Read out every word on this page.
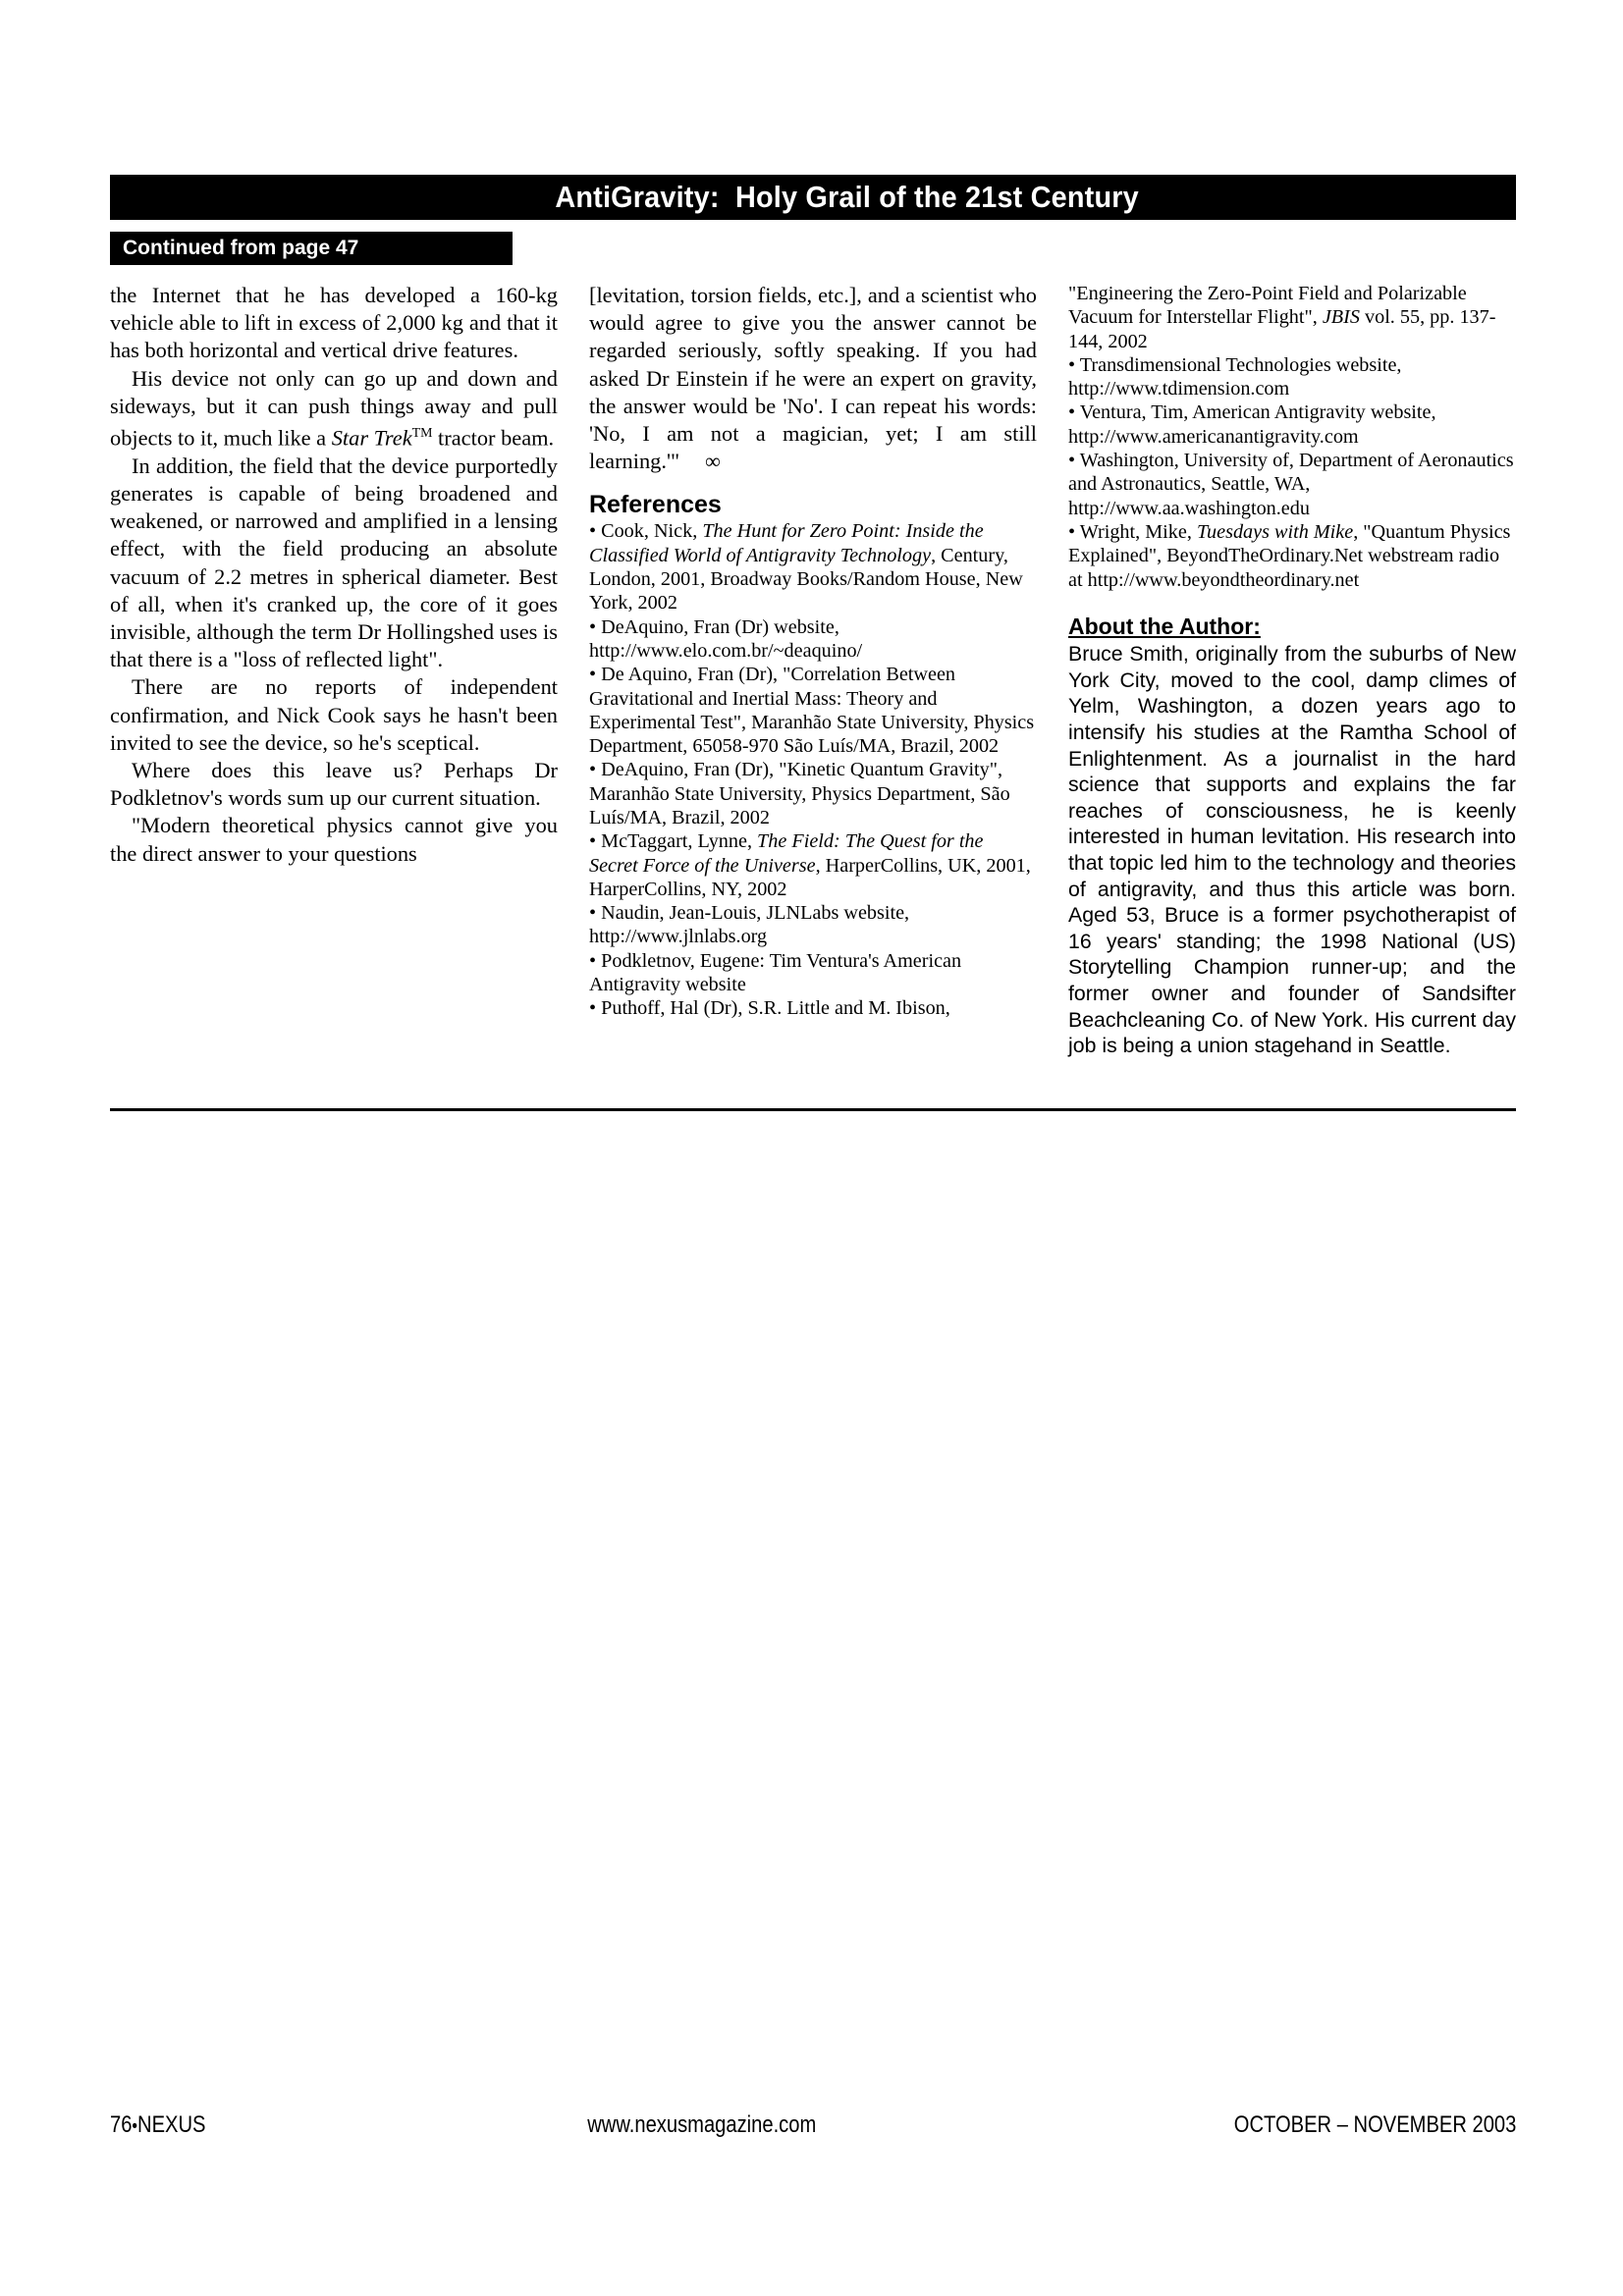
AntiGravity:  Holy Grail of the 21st Century
Continued from page 47

the Internet that he has developed a 160-kg vehicle able to lift in excess of 2,000 kg and that it has both horizontal and vertical drive features.

His device not only can go up and down and sideways, but it can push things away and pull objects to it, much like a Star Trek™ tractor beam.

In addition, the field that the device purportedly generates is capable of being broadened and weakened, or narrowed and amplified in a lensing effect, with the field producing an absolute vacuum of 2.2 metres in spherical diameter. Best of all, when it's cranked up, the core of it goes invisible, although the term Dr Hollingshed uses is that there is a "loss of reflected light".

There are no reports of independent confirmation, and Nick Cook says he hasn't been invited to see the device, so he's sceptical.

Where does this leave us? Perhaps Dr Podkletnov's words sum up our current situation.

"Modern theoretical physics cannot give you the direct answer to your questions

[levitation, torsion fields, etc.], and a scientist who would agree to give you the answer cannot be regarded seriously, softly speaking. If you had asked Dr Einstein if he were an expert on gravity, the answer would be 'No'. I can repeat his words: 'No, I am not a magician, yet; I am still learning.'" ∞

References
• Cook, Nick, The Hunt for Zero Point: Inside the Classified World of Antigravity Technology, Century, London, 2001, Broadway Books/Random House, New York, 2002
• DeAquino, Fran (Dr) website, http://www.elo.com.br/~deaquino/
• De Aquino, Fran (Dr), "Correlation Between Gravitational and Inertial Mass: Theory and Experimental Test", Maranhão State University, Physics Department, 65058-970 São Luís/MA, Brazil, 2002
• DeAquino, Fran (Dr), "Kinetic Quantum Gravity", Maranhão State University, Physics Department, São Luís/MA, Brazil, 2002
• McTaggart, Lynne, The Field: The Quest for the Secret Force of the Universe, HarperCollins, UK, 2001, HarperCollins, NY, 2002
• Naudin, Jean-Louis, JLNLabs website, http://www.jlnlabs.org
• Podkletnov, Eugene: Tim Ventura's American Antigravity website
• Puthoff, Hal (Dr), S.R. Little and M. Ibison,

"Engineering the Zero-Point Field and Polarizable Vacuum for Interstellar Flight", JBIS vol. 55, pp. 137-144, 2002

• Transdimensional Technologies website, http://www.tdimension.com
• Ventura, Tim, American Antigravity website, http://www.americanantigravity.com
• Washington, University of, Department of Aeronautics and Astronautics, Seattle, WA, http://www.aa.washington.edu
• Wright, Mike, Tuesdays with Mike, "Quantum Physics Explained", BeyondTheOrdinary.Net webstream radio at http://www.beyondtheordinary.net
About the Author:

Bruce Smith, originally from the suburbs of New York City, moved to the cool, damp climes of Yelm, Washington, a dozen years ago to intensify his studies at the Ramtha School of Enlightenment. As a journalist in the hard science that supports and explains the far reaches of consciousness, he is keenly interested in human levitation. His research into that topic led him to the technology and theories of antigravity, and thus this article was born. Aged 53, Bruce is a former psychotherapist of 16 years' standing; the 1998 National (US) Storytelling Champion runner-up; and the former owner and founder of Sandsifter Beachcleaning Co. of New York. His current day job is being a union stagehand in Seattle.

76•NEXUS	www.nexusmagazine.com	OCTOBER – NOVEMBER 2003
